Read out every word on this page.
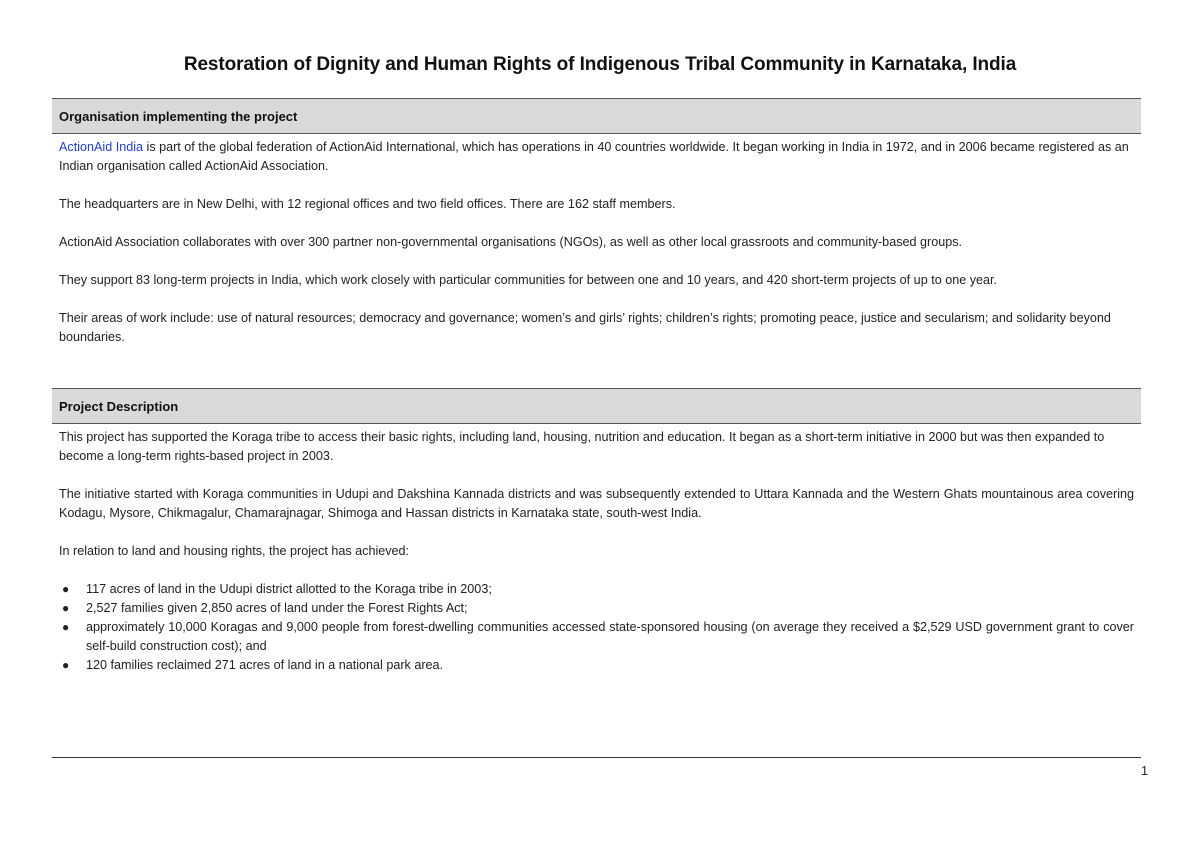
Restoration of Dignity and Human Rights of Indigenous Tribal Community in Karnataka, India
Organisation implementing the project

ActionAid India is part of the global federation of ActionAid International, which has operations in 40 countries worldwide. It began working in India in 1972, and in 2006 became registered as an Indian organisation called ActionAid Association.

The headquarters are in New Delhi, with 12 regional offices and two field offices. There are 162 staff members.

ActionAid Association collaborates with over 300 partner non-governmental organisations (NGOs), as well as other local grassroots and community-based groups.

They support 83 long-term projects in India, which work closely with particular communities for between one and 10 years, and 420 short-term projects of up to one year.

Their areas of work include: use of natural resources; democracy and governance; women’s and girls’ rights; children’s rights; promoting peace, justice and secularism; and solidarity beyond boundaries.

Project Description

This project has supported the Koraga tribe to access their basic rights, including land, housing, nutrition and education. It began as a short-term initiative in 2000 but was then expanded to become a long-term rights-based project in 2003.

The initiative started with Koraga communities in Udupi and Dakshina Kannada districts and was subsequently extended to Uttara Kannada and the Western Ghats mountainous area covering Kodagu, Mysore, Chikmagalur, Chamarajnagar, Shimoga and Hassan districts in Karnataka state, south-west India.

In relation to land and housing rights, the project has achieved:

● 117 acres of land in the Udupi district allotted to the Koraga tribe in 2003;
● 2,527 families given 2,850 acres of land under the Forest Rights Act;
● approximately 10,000 Koragas and 9,000 people from forest-dwelling communities accessed state-sponsored housing (on average they received a $2,529 USD government grant to cover self-build construction cost); and
● 120 families reclaimed 271 acres of land in a national park area.
1
